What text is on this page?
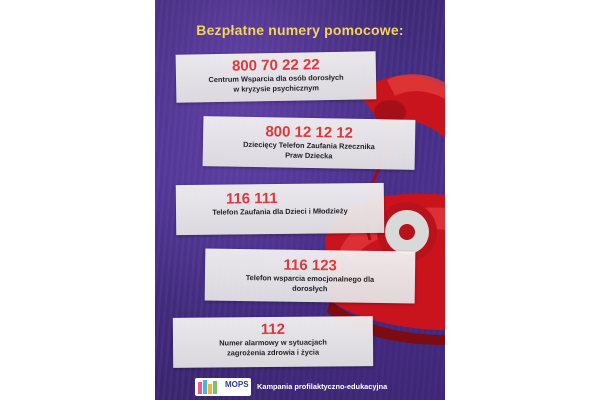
Bezpłatne numery pomocowe:
800 70 22 22
Centrum Wsparcia dla osób dorosłych
w kryzysie psychicznym
800 12 12 12
Dziecięcy Telefon Zaufania Rzecznika
Praw Dziecka
116 111
Telefon Zaufania dla Dzieci i Młodzieży
116 123
Telefon wsparcia emocjonalnego dla
dorosłych
112
Numer alarmowy w sytuacjach
zagrożenia zdrowia i życia
MOPS Kampania profilaktyczno-edukacyjna
